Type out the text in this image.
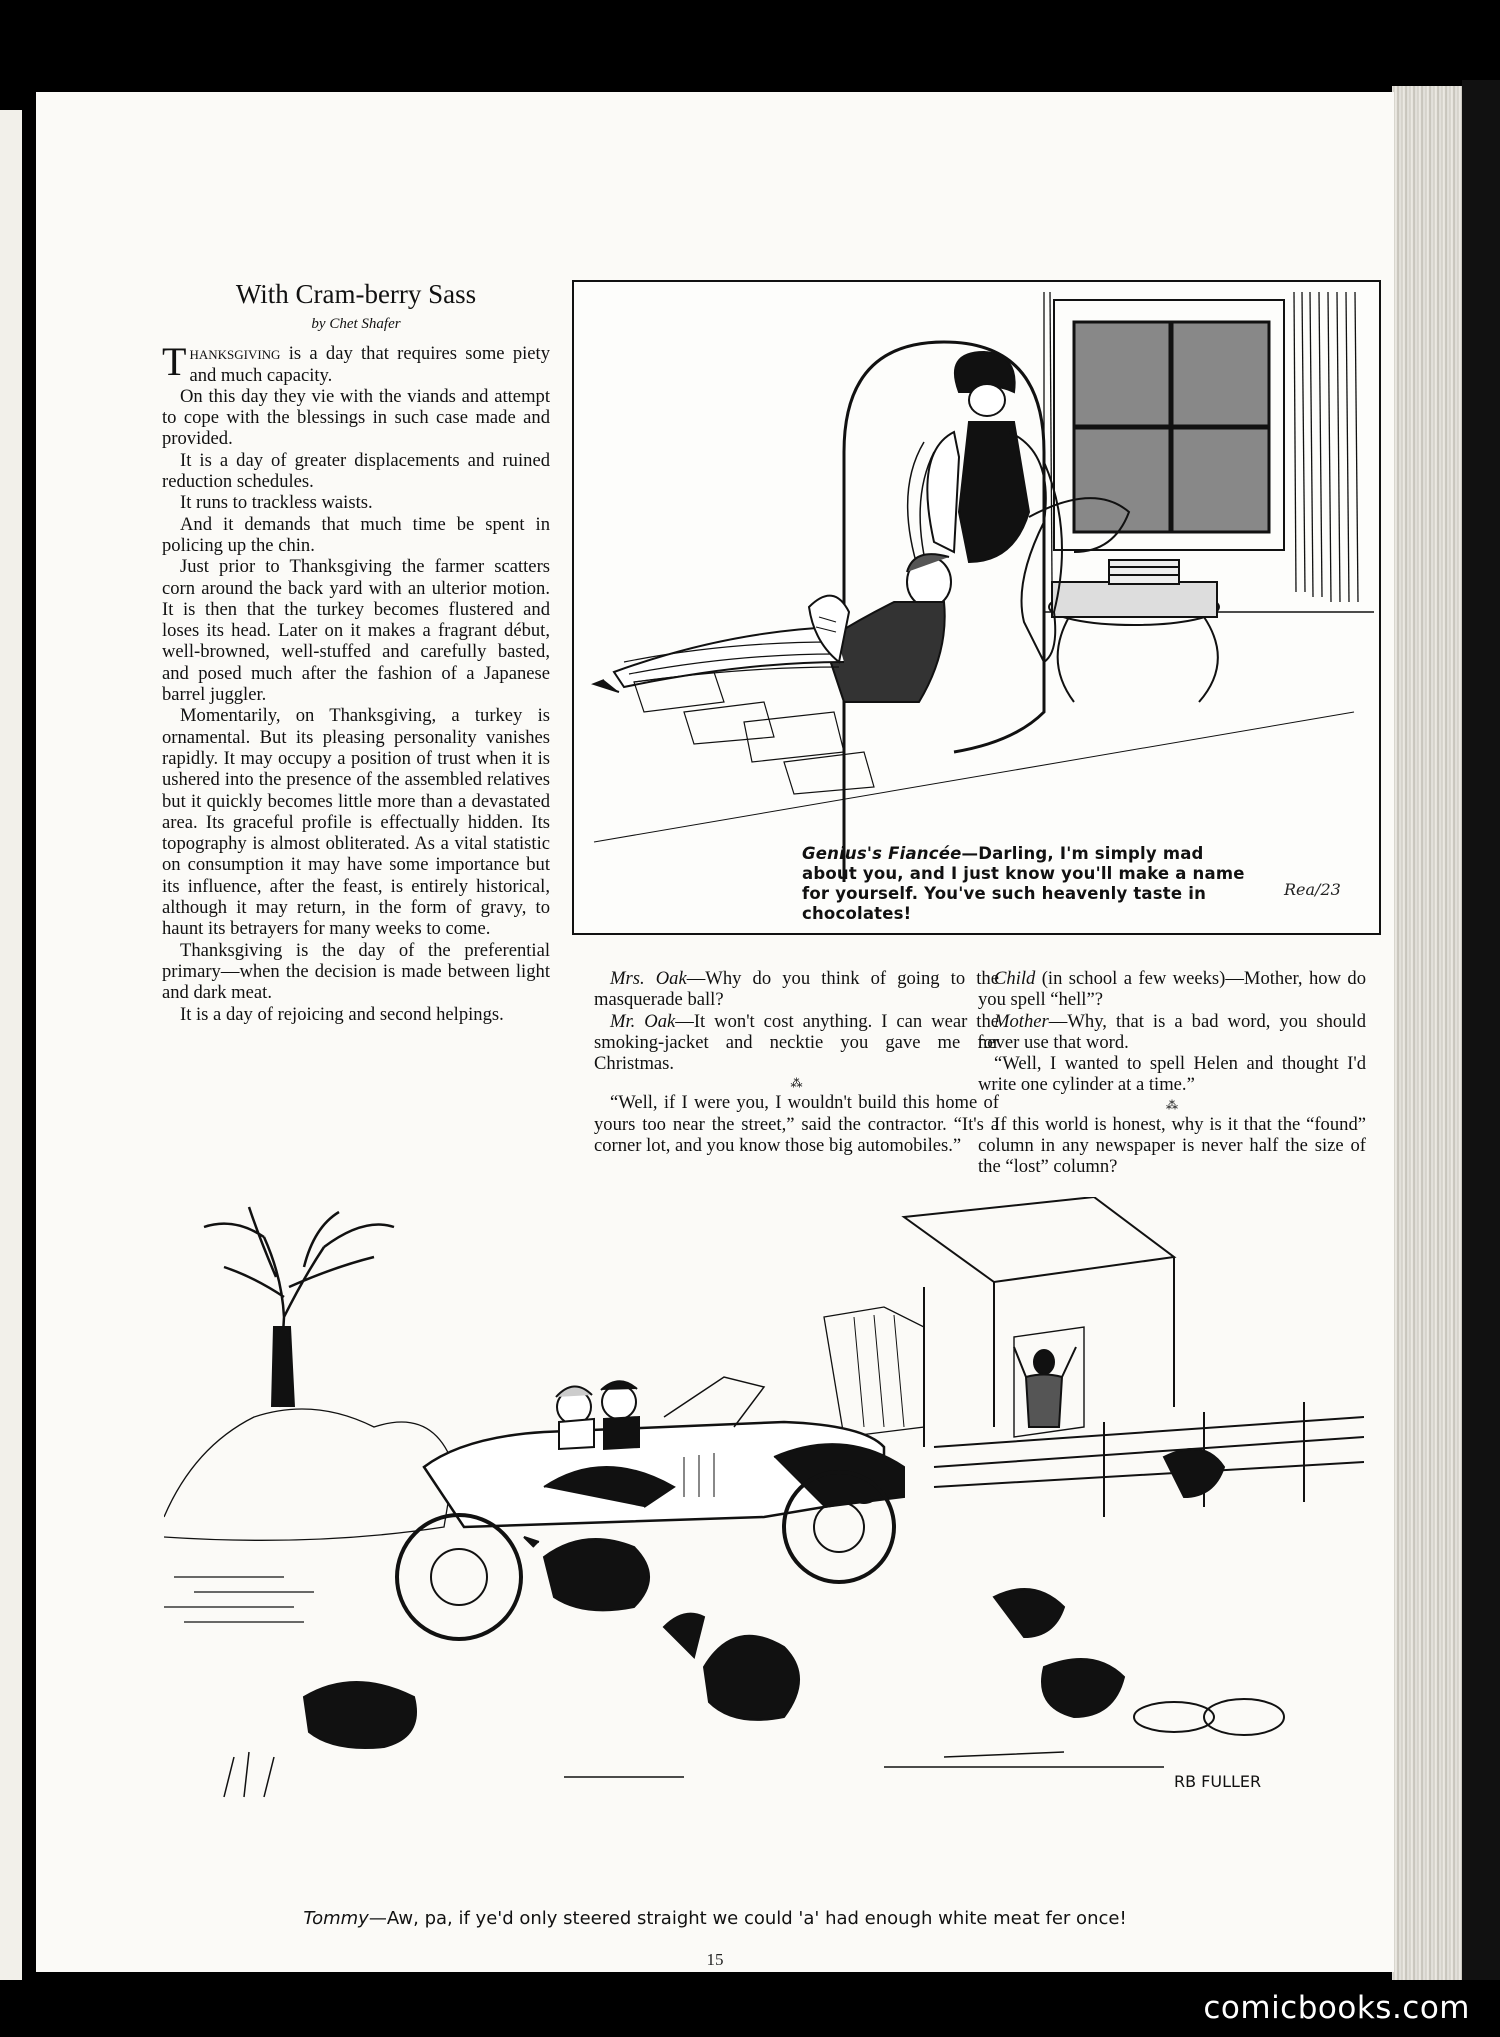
With Cram-berry Sass
by Chet Shafer

Thanksgiving is a day that requires some piety and much capacity.

On this day they vie with the viands and attempt to cope with the blessings in such case made and provided.

It is a day of greater displacements and ruined reduction schedules.

It runs to trackless waists.

And it demands that much time be spent in policing up the chin.

Just prior to Thanksgiving the farmer scatters corn around the back yard with an ulterior motion. It is then that the turkey becomes flustered and loses its head. Later on it makes a fragrant début, well-browned, well-stuffed and carefully basted, and posed much after the fashion of a Japanese barrel juggler.

Momentarily, on Thanksgiving, a turkey is ornamental. But its pleasing personality vanishes rapidly. It may occupy a position of trust when it is ushered into the presence of the assembled relatives but it quickly becomes little more than a devastated area. Its graceful profile is effectually hidden. Its topography is almost obliterated. As a vital statistic on consumption it may have some importance but its influence, after the feast, is entirely historical, although it may return, in the form of gravy, to haunt its betrayers for many weeks to come.

Thanksgiving is the day of the preferential primary—when the decision is made between light and dark meat.

It is a day of rejoicing and second helpings.

Genius's Fiancée—Darling, I'm simply mad about you, and I just know you'll make a name for yourself. You've such heavenly taste in chocolates!
Rea/23

Mrs. Oak—Why do you think of going to the masquerade ball?

Mr. Oak—It won't cost anything. I can wear the smoking-jacket and necktie you gave me for Christmas.

⁂

“Well, if I were you, I wouldn't build this home of yours too near the street,” said the contractor. “It's a corner lot, and you know those big automobiles.”

Child (in school a few weeks)—Mother, how do you spell “hell”?

Mother—Why, that is a bad word, you should never use that word.

“Well, I wanted to spell Helen and thought I'd write one cylinder at a time.”

⁂

If this world is honest, why is it that the “found” column in any newspaper is never half the size of the “lost” column?

RB FULLER
Tommy—Aw, pa, if ye'd only steered straight we could 'a' had enough white meat fer once!
15
comicbooks.com
